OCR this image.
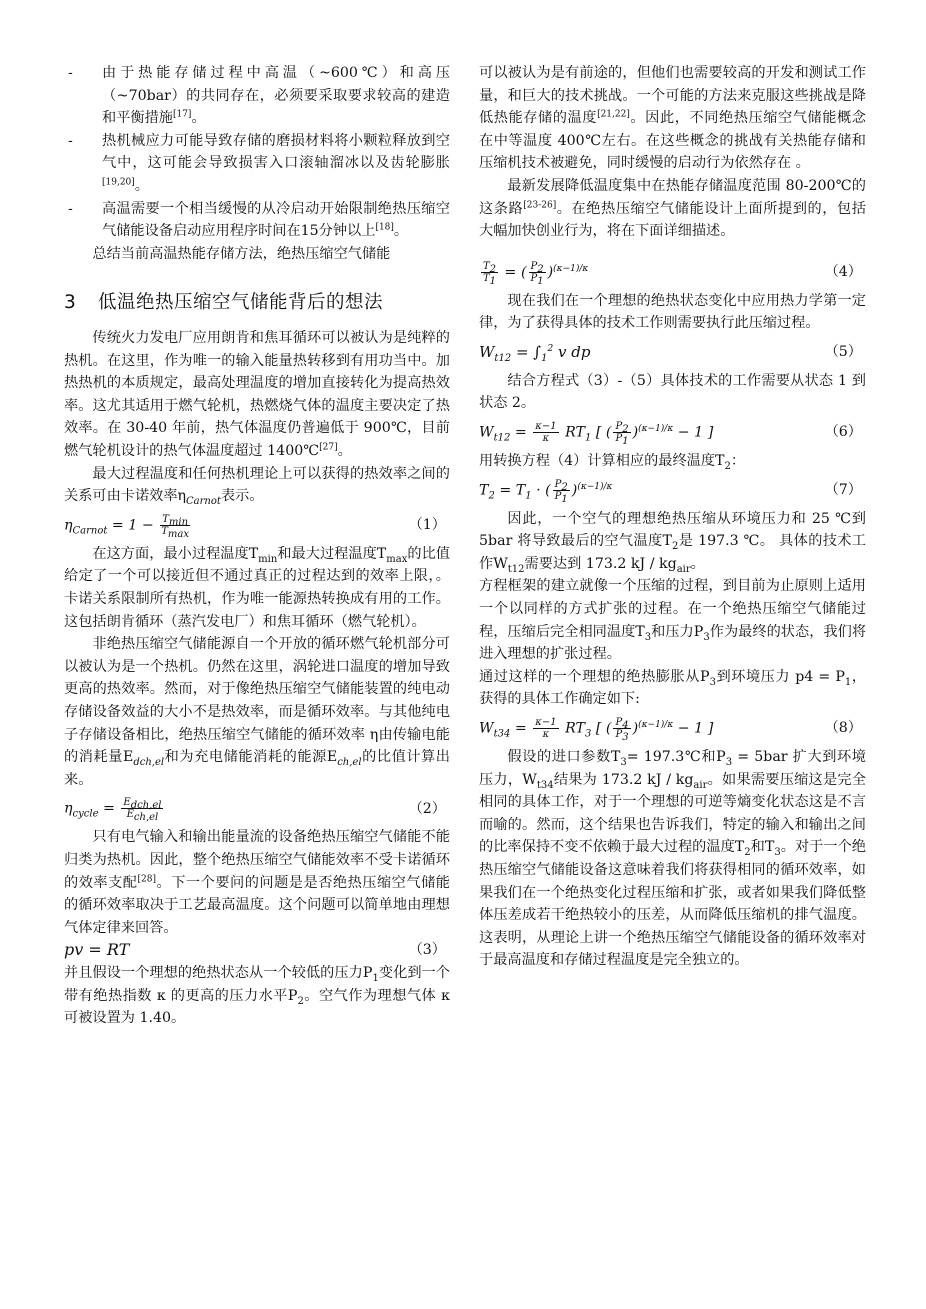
- 由于热能存储过程中高温（~600℃）和高压（~70bar）的共同存在，必须要采取要求较高的建造和平衡措施[17]。

- 热机械应力可能导致存储的磨损材料将小颗粒释放到空气中，这可能会导致损害入口滚轴溜冰以及齿轮膨胀[19,20]。

- 高温需要一个相当缓慢的从冷启动开始限制绝热压缩空气储能设备启动应用程序时间在15分钟以上[18]。

总结当前高温热能存储方法，绝热压缩空气储能

3 低温绝热压缩空气储能背后的想法

传统火力发电厂应用朗肯和焦耳循环可以被认为是纯粹的热机。在这里，作为唯一的输入能量热转移到有用功当中。加热热机的本质规定，最高处理温度的增加直接转化为提高热效率。这尤其适用于燃气轮机，热燃烧气体的温度主要决定了热效率。在 30-40 年前，热气体温度仍普遍低于 900℃，目前燃气轮机设计的热气体温度超过 1400℃[27]。

最大过程温度和任何热机理论上可以获得的热效率之间的关系可由卡诺效率$\eta_{Carnot}$表示。

$\eta_{Carnot} = 1 - \frac{T_{min}}{T_{max}}$	（1）

在这方面，最小过程温度$T_{min}$和最大过程温度$T_{max}$的比值给定了一个可以接近但不通过真正的过程达到的效率上限，。卡诺关系限制所有热机，作为唯一能源热转换成有用的工作。这包括朗肯循环（蒸汽发电厂）和焦耳循环（燃气轮机）。

非绝热压缩空气储能源自一个开放的循环燃气轮机部分可以被认为是一个热机。仍然在这里，涡轮进口温度的增加导致更高的热效率。然而，对于像绝热压缩空气储能装置的纯电动存储设备效益的大小不是热效率，而是循环效率。与其他纯电子存储设备相比，绝热压缩空气储能的循环效率 η由传输电能的消耗量$E_{dch,el}$和为充电储能消耗的能源$E_{ch,el}$的比值计算出来。

$\eta_{cycle} = \frac{E_{dch,el}}{E_{ch,el}}$	（2）

只有电气输入和输出能量流的设备绝热压缩空气储能不能归类为热机。因此，整个绝热压缩空气储能效率不受卡诺循环的效率支配[28]。下一个要问的问题是是否绝热压缩空气储能的循环效率取决于工艺最高温度。这个问题可以简单地由理想气体定律来回答。

pv = RT	（3）

并且假设一个理想的绝热状态从一个较低的压力$P_1$变化到一个带有绝热指数 κ 的更高的压力水平$P_2$。空气作为理想气体 κ 可被设置为 1.40。

可以被认为是有前途的，但他们也需要较高的开发和测试工作量，和巨大的技术挑战。一个可能的方法来克服这些挑战是降低热能存储的温度[21,22]。因此，不同绝热压缩空气储能概念在中等温度 400℃左右。在这些概念的挑战有关热能存储和压缩机技术被避免，同时缓慢的启动行为依然存在 。

最新发展降低温度集中在热能存储温度范围 80-200℃的这条路[23-26]。在绝热压缩空气储能设计上面所提到的，包括大幅加快创业行为，将在下面详细描述。

$\frac{T_2}{T_1}$ = ( $\frac{P_2}{P_1} )^{(\kappa-1)/\kappa}$	（4）

现在我们在一个理想的绝热状态变化中应用热力学第一定律，为了获得具体的技术工作则需要执行此压缩过程。

$W_{t12} = \int_1^2$ v dp	（5）

结合方程式（3）-（5）具体技术的工作需要从状态 1 到状态 2。

$W_{t12} = \frac{\kappa-1}{\kappa} RT_1$ [ ( $\frac{P_2}{P_1} )^{(\kappa-1)/\kappa} - 1$ ]	（6）

用转换方程（4）计算相应的最终温度$T_2$：

$T_2 = T_1$ · ( $\frac{P_2}{P_1} )^{(\kappa-1)/\kappa}$	（7）

因此，一个空气的理想绝热压缩从环境压力和 25 ℃到 5bar 将导致最后的空气温度$T_2$是 197.3 ℃。 具体的技术工作$W_{t12}$需要达到 173.2 kJ / $kg_{air}$。

方程框架的建立就像一个压缩的过程，到目前为止原则上适用一个以同样的方式扩张的过程。在一个绝热压缩空气储能过程，压缩后完全相同温度$T_3$和压力$P_3$作为最终的状态，我们将进入理想的扩张过程。

通过这样的一个理想的绝热膨胀从$P_3$到环境压力 $p4 = P_1$，获得的具体工作确定如下:

$W_{t34} = \frac{\kappa-1}{\kappa} RT_3$ [ ( $\frac{P_4}{P_3} )^{(\kappa-1)/\kappa} - 1$ ]	（8）

假设的进口参数$T_3=$ 197.3℃和$P_3 = 5bar$ 扩大到环境压力，$W_{t34}$结果为 173.2 kJ / $kg_{air}$。如果需要压缩这是完全相同的具体工作，对于一个理想的可逆等熵变化状态这是不言而喻的。然而，这个结果也告诉我们，特定的输入和输出之间的比率保持不变不依赖于最大过程的温度$T_2$和$T_3$。对于一个绝热压缩空气储能设备这意味着我们将获得相同的循环效率，如果我们在一个绝热变化过程压缩和扩张，或者如果我们降低整体压差成若干绝热较小的压差，从而降低压缩机的排气温度。这表明，从理论上讲一个绝热压缩空气储能设备的循环效率对于最高温度和存储过程温度是完全独立的。
